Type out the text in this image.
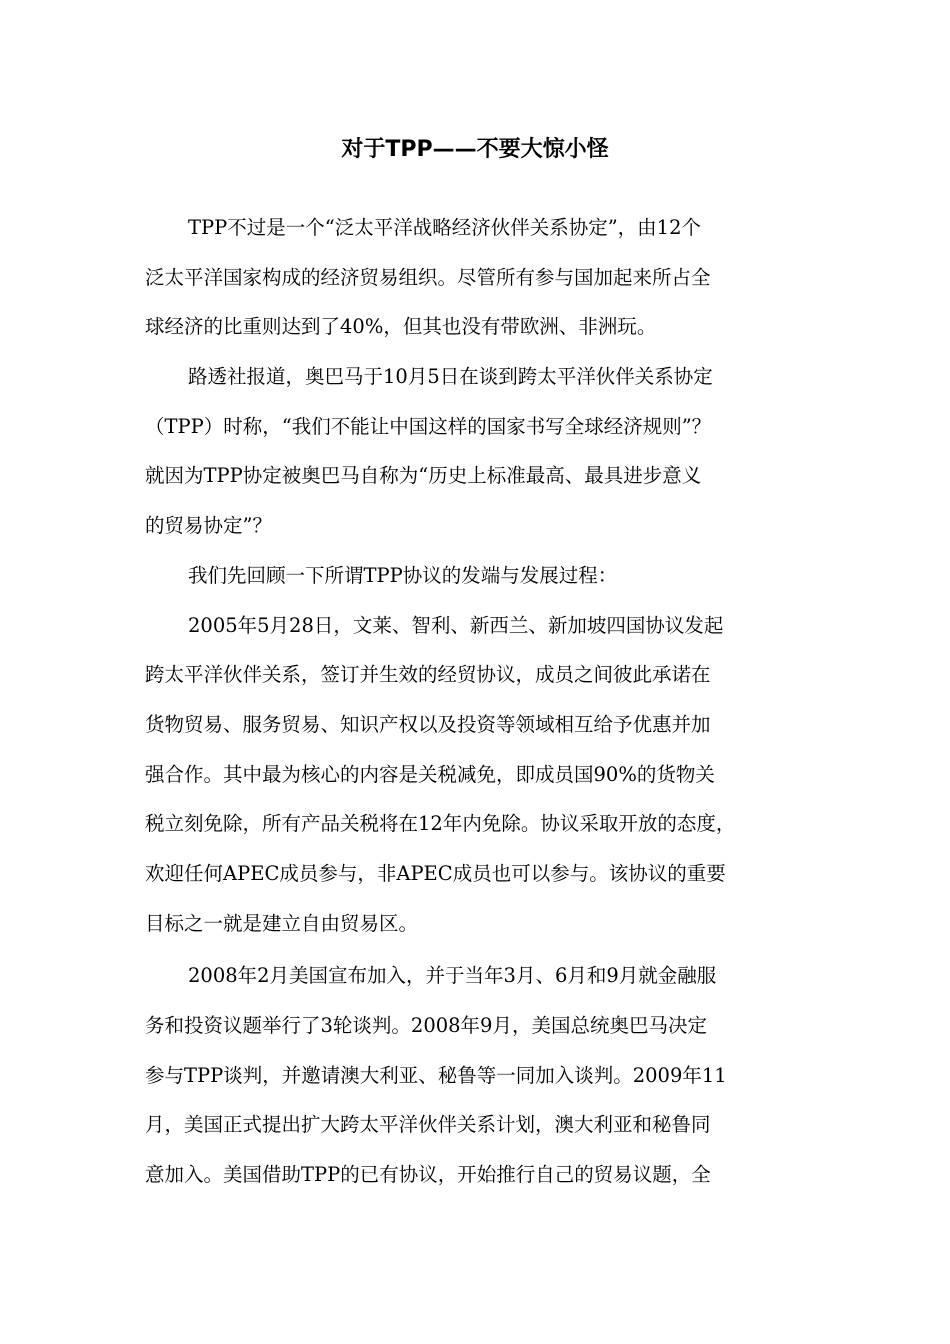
对于TPP——不要大惊小怪
TPP不过是一个“泛太平洋战略经济伙伴关系协定”，由12个
泛太平洋国家构成的经济贸易组织。尽管所有参与国加起来所占全
球经济的比重则达到了40%，但其也没有带欧洲、非洲玩。
路透社报道，奥巴马于10月5日在谈到跨太平洋伙伴关系协定
（TPP）时称，“我们不能让中国这样的国家书写全球经济规则”？
就因为TPP协定被奥巴马自称为“历史上标准最高、最具进步意义
的贸易协定”？
我们先回顾一下所谓TPP协议的发端与发展过程：
2005年5月28日，文莱、智利、新西兰、新加坡四国协议发起
跨太平洋伙伴关系，签订并生效的经贸协议，成员之间彼此承诺在
货物贸易、服务贸易、知识产权以及投资等领域相互给予优惠并加
强合作。其中最为核心的内容是关税减免，即成员国90%的货物关
税立刻免除，所有产品关税将在12年内免除。协议采取开放的态度，
欢迎任何APEC成员参与，非APEC成员也可以参与。该协议的重要
目标之一就是建立自由贸易区。
2008年2月美国宣布加入，并于当年3月、6月和9月就金融服
务和投资议题举行了3轮谈判。2008年9月，美国总统奥巴马决定
参与TPP谈判，并邀请澳大利亚、秘鲁等一同加入谈判。2009年11
月，美国正式提出扩大跨太平洋伙伴关系计划，澳大利亚和秘鲁同
意加入。美国借助TPP的已有协议，开始推行自己的贸易议题，全
